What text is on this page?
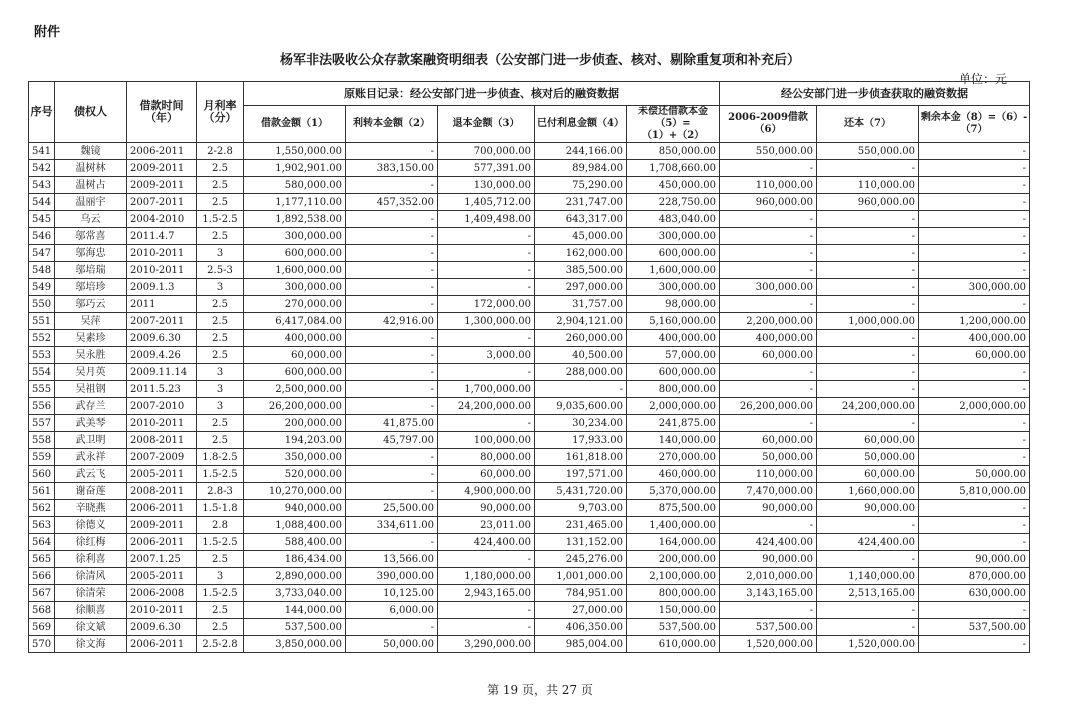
附件
杨军非法吸收公众存款案融资明细表（公安部门进一步侦查、核对、剔除重复项和补充后）
单位：元
序号	债权人	借款时间（年）	月利率（分）	原账目记录：经公安部门进一步侦查、核对后的融资数据					经公安部门进一步侦查获取的融资数据		
				借款金额（1）	利转本金额（2）	退本金额（3）	已付利息金额（4）	未偿还借款本金（5）=（1）+（2）	2006-2009借款（6）	还本（7）	剩余本金（8）=（6）-（7）
541	魏镜	2006-2011	2-2.8	1,550,000.00	-	700,000.00	244,166.00	850,000.00	550,000.00	550,000.00	-
542	温树林	2009-2011	2.5	1,902,901.00	383,150.00	577,391.00	89,984.00	1,708,660.00	-	-	-
543	温树占	2009-2011	2.5	580,000.00	-	130,000.00	75,290.00	450,000.00	110,000.00	110,000.00	-
544	温丽宇	2007-2011	2.5	1,177,110.00	457,352.00	1,405,712.00	231,747.00	228,750.00	960,000.00	960,000.00	-
545	乌云	2004-2010	1.5-2.5	1,892,538.00	-	1,409,498.00	643,317.00	483,040.00	-	-	-
546	邬常喜	2011.4.7	2.5	300,000.00	-	-	45,000.00	300,000.00	-	-	-
547	邬海忠	2010-2011	3	600,000.00	-	-	162,000.00	600,000.00	-	-	-
548	邬培瑞	2010-2011	2.5-3	1,600,000.00	-	-	385,500.00	1,600,000.00	-	-	-
549	邬培珍	2009.1.3	3	300,000.00	-	-	297,000.00	300,000.00	300,000.00	-	300,000.00
550	邬巧云	2011	2.5	270,000.00	-	172,000.00	31,757.00	98,000.00	-	-	-
551	吴萍	2007-2011	2.5	6,417,084.00	42,916.00	1,300,000.00	2,904,121.00	5,160,000.00	2,200,000.00	1,000,000.00	1,200,000.00
552	吴素珍	2009.6.30	2.5	400,000.00	-	-	260,000.00	400,000.00	400,000.00	-	400,000.00
553	吴永胜	2009.4.26	2.5	60,000.00	-	3,000.00	40,500.00	57,000.00	60,000.00	-	60,000.00
554	吴月英	2009.11.14	3	600,000.00	-	-	288,000.00	600,000.00	-	-	-
555	吴祖钢	2011.5.23	3	2,500,000.00	-	1,700,000.00	-	800,000.00	-	-	-
556	武存兰	2007-2010	3	26,200,000.00	-	24,200,000.00	9,035,600.00	2,000,000.00	26,200,000.00	24,200,000.00	2,000,000.00
557	武美琴	2010-2011	2.5	200,000.00	41,875.00	-	30,234.00	241,875.00	-	-	-
558	武卫明	2008-2011	2.5	194,203.00	45,797.00	100,000.00	17,933.00	140,000.00	60,000.00	60,000.00	-
559	武永祥	2007-2009	1.8-2.5	350,000.00	-	80,000.00	161,818.00	270,000.00	50,000.00	50,000.00	-
560	武云飞	2005-2011	1.5-2.5	520,000.00	-	60,000.00	197,571.00	460,000.00	110,000.00	60,000.00	50,000.00
561	谢奋莲	2008-2011	2.8-3	10,270,000.00	-	4,900,000.00	5,431,720.00	5,370,000.00	7,470,000.00	1,660,000.00	5,810,000.00
562	辛晓燕	2006-2011	1.5-1.8	940,000.00	25,500.00	90,000.00	9,703.00	875,500.00	90,000.00	90,000.00	-
563	徐德义	2009-2011	2.8	1,088,400.00	334,611.00	23,011.00	231,465.00	1,400,000.00	-	-	-
564	徐红梅	2006-2011	1.5-2.5	588,400.00	-	424,400.00	131,152.00	164,000.00	424,400.00	424,400.00	-
565	徐利喜	2007.1.25	2.5	186,434.00	13,566.00	-	245,276.00	200,000.00	90,000.00	-	90,000.00
566	徐清风	2005-2011	3	2,890,000.00	390,000.00	1,180,000.00	1,001,000.00	2,100,000.00	2,010,000.00	1,140,000.00	870,000.00
567	徐清荣	2006-2008	1.5-2.5	3,733,040.00	10,125.00	2,943,165.00	784,951.00	800,000.00	3,143,165.00	2,513,165.00	630,000.00
568	徐顺喜	2010-2011	2.5	144,000.00	6,000.00	-	27,000.00	150,000.00	-	-	-
569	徐文斌	2009.6.30	2.5	537,500.00	-	-	406,350.00	537,500.00	537,500.00	-	537,500.00
570	徐文海	2006-2011	2.5-2.8	3,850,000.00	50,000.00	3,290,000.00	985,004.00	610,000.00	1,520,000.00	1,520,000.00	-
第 19 页，共 27 页
